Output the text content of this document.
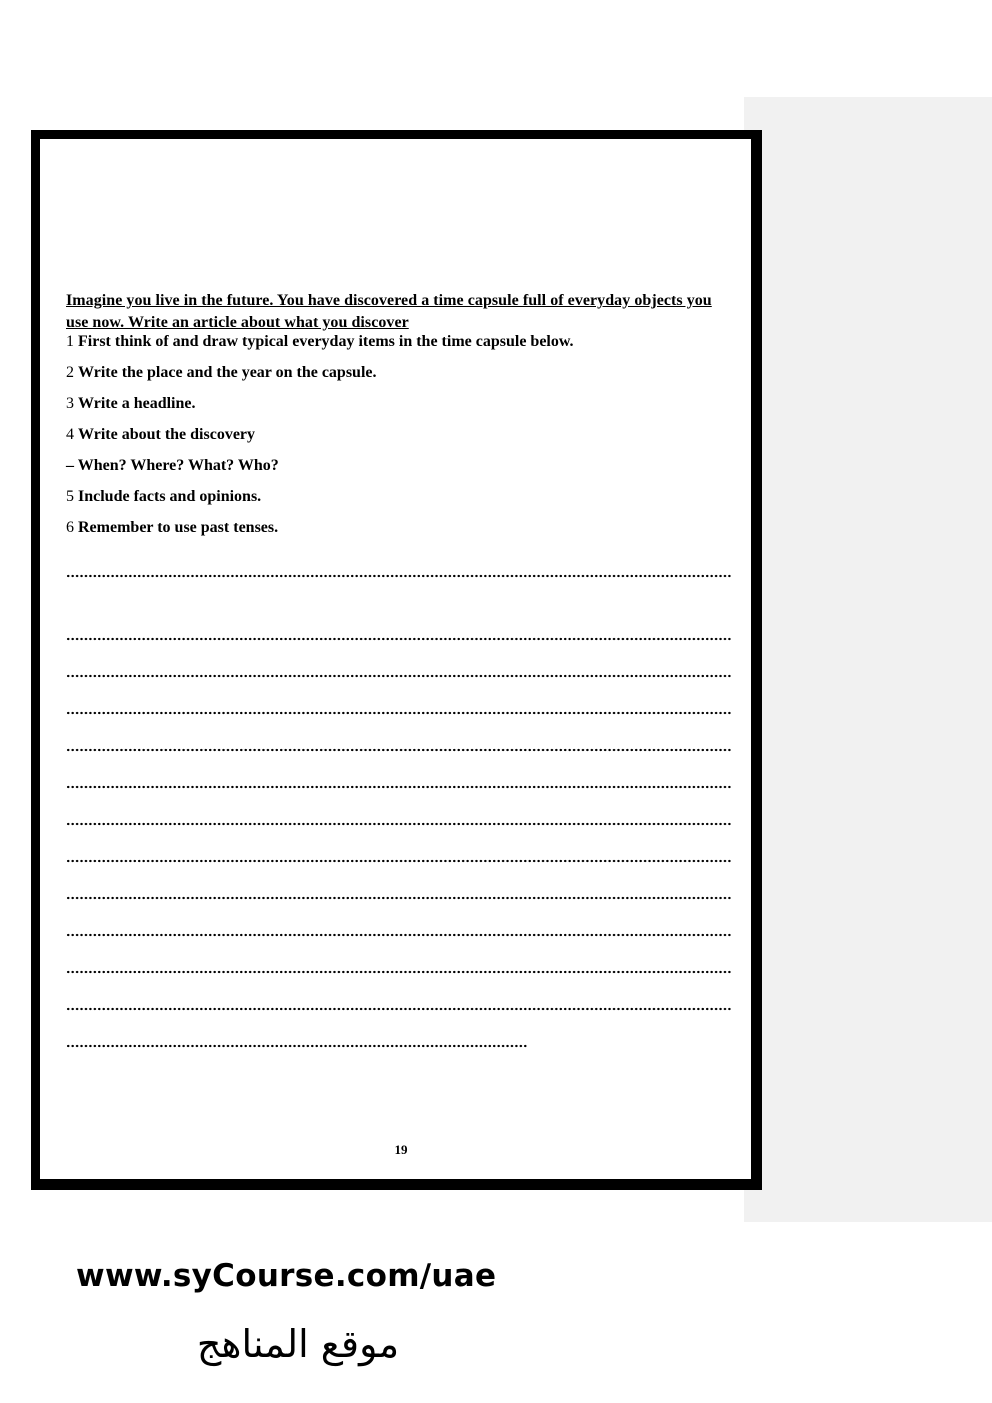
Imagine you live in the future. You have discovered a time capsule full of everyday objects you use now. Write an article about what you discover

1 First think of and draw typical everyday items in the time capsule below.
2 Write the place and the year on the capsule.
3 Write a headline.
4 Write about the discovery
– When? Where? What? Who?
5 Include facts and opinions.
6 Remember to use past tenses.
19
www.syCourse.com/uae
موقع المناهج
